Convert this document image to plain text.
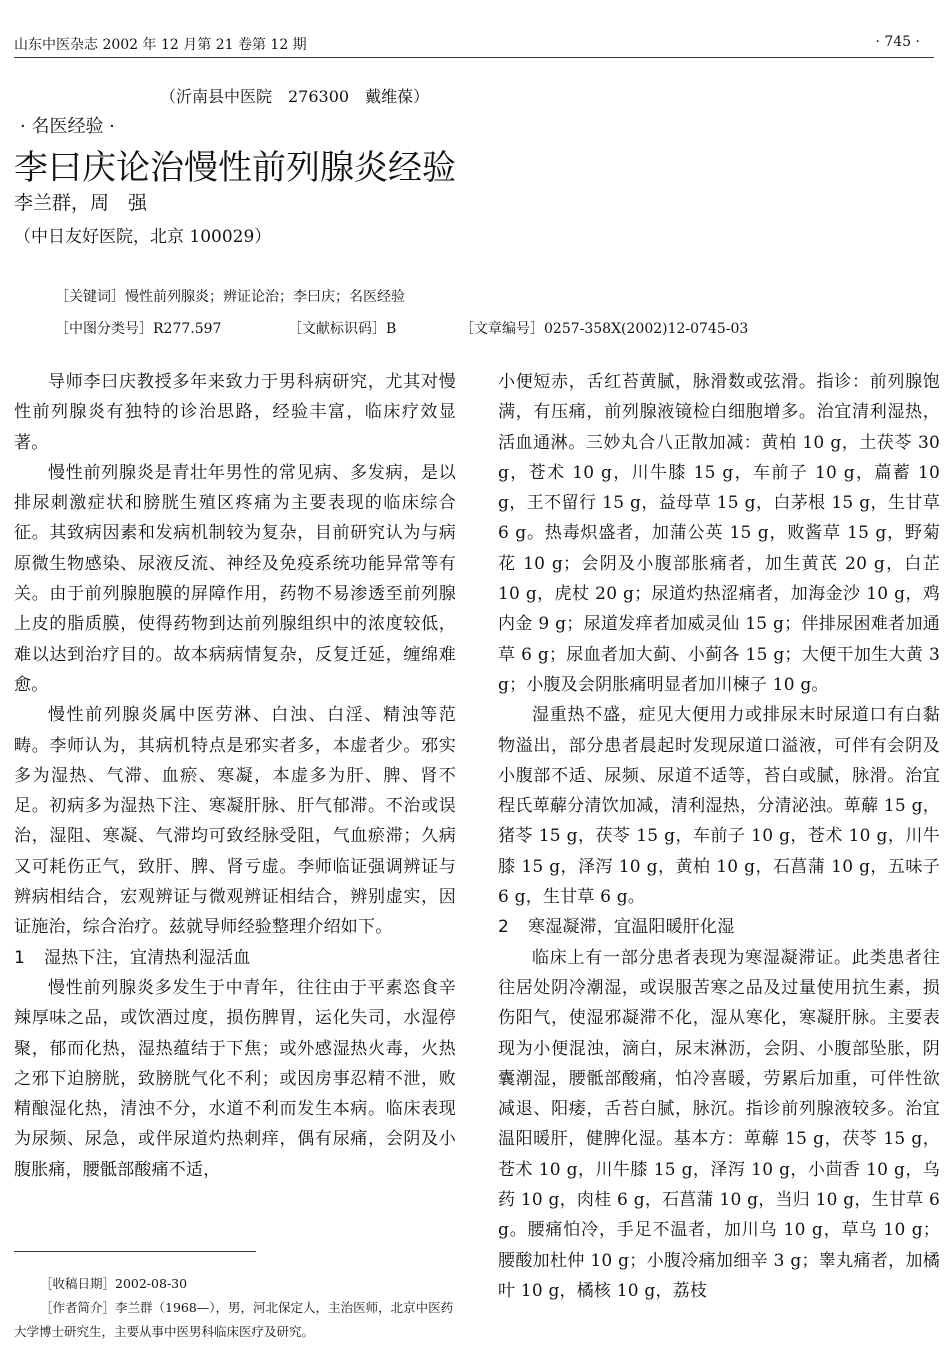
山东中医杂志 2002 年 12 月第 21 卷第 12 期	· 745 ·
（沂南县中医院　276300　戴维葆）
· 名医经验 ·
李曰庆论治慢性前列腺炎经验
李兰群，周　强
（中日友好医院，北京 100029）
［关键词］慢性前列腺炎；辨证论治；李曰庆；名医经验
［中图分类号］R277.597	［文献标识码］B	［文章编号］0257-358X(2002)12-0745-03

导师李曰庆教授多年来致力于男科病研究，尤其对慢性前列腺炎有独特的诊治思路，经验丰富，临床疗效显著。

慢性前列腺炎是青壮年男性的常见病、多发病，是以排尿刺激症状和膀胱生殖区疼痛为主要表现的临床综合征。其致病因素和发病机制较为复杂，目前研究认为与病原微生物感染、尿液反流、神经及免疫系统功能异常等有关。由于前列腺胞膜的屏障作用，药物不易渗透至前列腺上皮的脂质膜，使得药物到达前列腺组织中的浓度较低，难以达到治疗目的。故本病病情复杂，反复迁延，缠绵难愈。

慢性前列腺炎属中医劳淋、白浊、白淫、精浊等范畴。李师认为，其病机特点是邪实者多，本虚者少。邪实多为湿热、气滞、血瘀、寒凝，本虚多为肝、脾、肾不足。初病多为湿热下注、寒凝肝脉、肝气郁滞。不治或误治，湿阻、寒凝、气滞均可致经脉受阻，气血瘀滞；久病又可耗伤正气，致肝、脾、肾亏虚。李师临证强调辨证与辨病相结合，宏观辨证与微观辨证相结合，辨别虚实，因证施治，综合治疗。兹就导师经验整理介绍如下。

1 湿热下注，宜清热利湿活血

慢性前列腺炎多发生于中青年，往往由于平素恣食辛辣厚味之品，或饮酒过度，损伤脾胃，运化失司，水湿停聚，郁而化热，湿热蕴结于下焦；或外感湿热火毒，火热之邪下迫膀胱，致膀胱气化不利；或因房事忍精不泄，败精酿湿化热，清浊不分，水道不利而发生本病。临床表现为尿频、尿急，或伴尿道灼热刺痒，偶有尿痛，会阴及小腹胀痛，腰骶部酸痛不适，

小便短赤，舌红苔黄腻，脉滑数或弦滑。指诊：前列腺饱满，有压痛，前列腺液镜检白细胞增多。治宜清利湿热，活血通淋。三妙丸合八正散加减：黄柏 10 g，土茯苓 30 g，苍术 10 g，川牛膝 15 g，车前子 10 g，萹蓄 10 g，王不留行 15 g，益母草 15 g，白茅根 15 g，生甘草 6 g。热毒炽盛者，加蒲公英 15 g，败酱草 15 g，野菊花 10 g；会阴及小腹部胀痛者，加生黄芪 20 g，白芷 10 g，虎杖 20 g；尿道灼热涩痛者，加海金沙 10 g，鸡内金 9 g；尿道发痒者加威灵仙 15 g；伴排尿困难者加通草 6 g；尿血者加大蓟、小蓟各 15 g；大便干加生大黄 3 g；小腹及会阴胀痛明显者加川楝子 10 g。

湿重热不盛，症见大便用力或排尿末时尿道口有白黏物溢出，部分患者晨起时发现尿道口溢液，可伴有会阴及小腹部不适、尿频、尿道不适等，苔白或腻，脉滑。治宜程氏萆薢分清饮加减，清利湿热，分清泌浊。萆薢 15 g，猪苓 15 g，茯苓 15 g，车前子 10 g，苍术 10 g，川牛膝 15 g，泽泻 10 g，黄柏 10 g，石菖蒲 10 g，五味子 6 g，生甘草 6 g。

2 寒湿凝滞，宜温阳暖肝化湿

临床上有一部分患者表现为寒湿凝滞证。此类患者往往居处阴冷潮湿，或误服苦寒之品及过量使用抗生素，损伤阳气，使湿邪凝滞不化，湿从寒化，寒凝肝脉。主要表现为小便混浊，滴白，尿末淋沥，会阴、小腹部坠胀，阴囊潮湿，腰骶部酸痛，怕冷喜暖，劳累后加重，可伴性欲减退、阳痿，舌苔白腻，脉沉。指诊前列腺液较多。治宜温阳暖肝，健脾化湿。基本方：萆薢 15 g，茯苓 15 g，苍术 10 g，川牛膝 15 g，泽泻 10 g，小茴香 10 g，乌药 10 g，肉桂 6 g，石菖蒲 10 g，当归 10 g，生甘草 6 g。腰痛怕冷，手足不温者，加川乌 10 g，草乌 10 g；腰酸加杜仲 10 g；小腹冷痛加细辛 3 g；睾丸痛者，加橘叶 10 g，橘核 10 g，荔枝

［收稿日期］2002-08-30

［作者简介］李兰群（1968—），男，河北保定人，主治医师，北京中医药大学博士研究生，主要从事中医男科临床医疗及研究。
